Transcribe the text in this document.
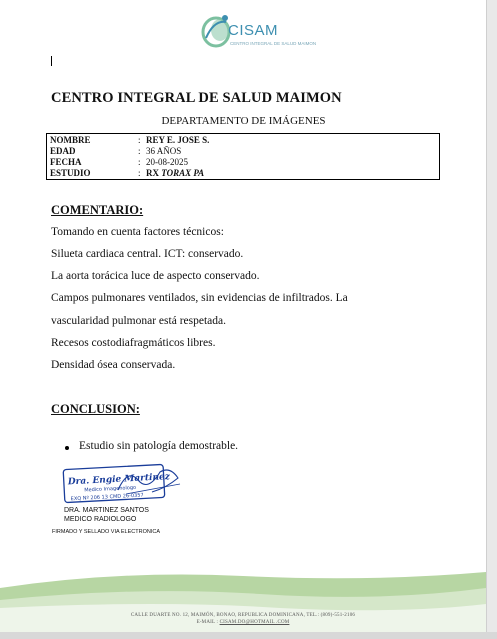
CISAM
CENTRO INTEGRAL DE SALUD MAIMON
CENTRO INTEGRAL DE SALUD MAIMON
DEPARTAMENTO DE IMÁGENES
NOMBRE	: REY E. JOSE S.
EDAD	: 36 AÑOS
FECHA	: 20-08-2025
ESTUDIO	: RX TORAX PA
COMENTARIO:
Tomando en cuenta factores técnicos:
Silueta cardiaca central. ICT: conservado.
La aorta torácica luce de aspecto conservado.
Campos pulmonares ventilados, sin evidencias de infiltrados. La
vascularidad pulmonar está respetada.
Recesos costodiafragmáticos libres.
Densidad ósea conservada.
CONCLUSION:
Estudio sin patología demostrable.
Dra. Engie Martinez
Medico Imagenologo
EXQ Nº 206 13 CMD 26-0357
DRA. MARTINEZ SANTOS
MEDICO RADIOLOGO
FIRMADO Y SELLADO VIA ELECTRONICA
CALLE DUARTE NO. 12, MAIMÓN, BONAO, REPUBLICA DOMINICANA, TEL.: (809)-551-2106
E-MAIL : CISAM.DO@HOTMAIL .COM
